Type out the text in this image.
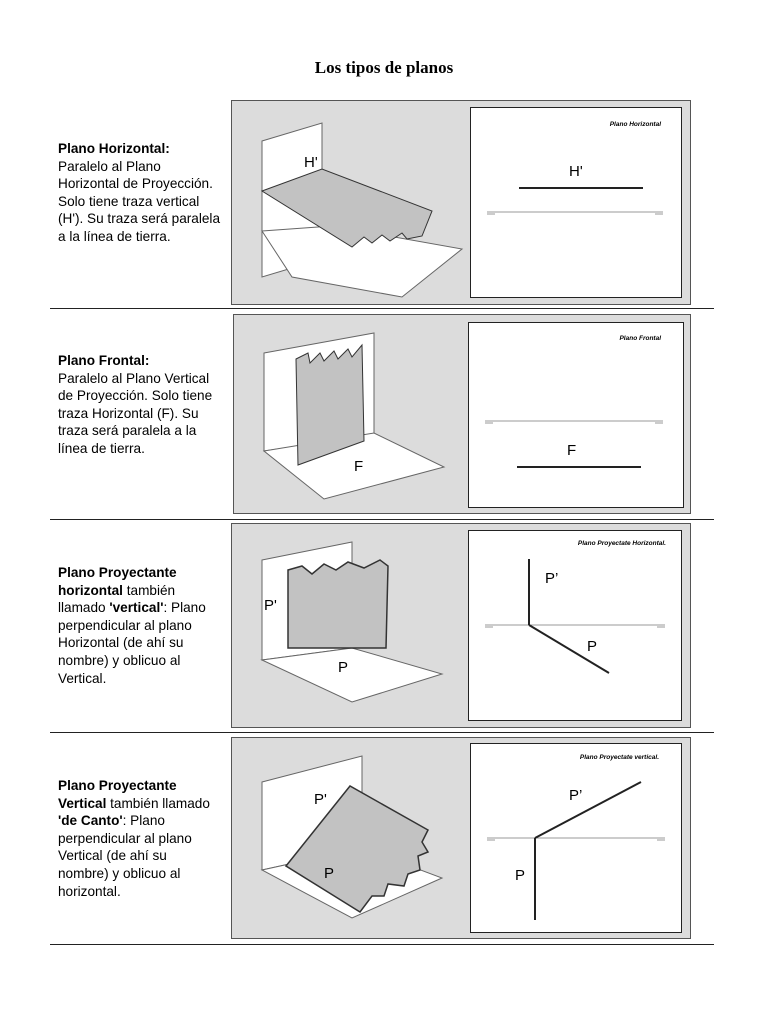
Los tipos de planos
Plano Horizontal:
Paralelo al Plano Horizontal de Proyección. Solo tiene traza vertical (H'). Su traza será paralela a la línea de tierra.
H'
Plano Horizontal
H'
Plano Frontal:
Paralelo al Plano Vertical de Proyección. Solo tiene traza Horizontal (F). Su traza será paralela a la línea de tierra.
F
Plano Frontal
F
Plano Proyectante horizontal también llamado 'vertical': Plano perpendicular al plano Horizontal (de ahí su nombre) y oblicuo al Vertical.
P'
P
Plano Proyectate Horizontal.
P’
P
Plano Proyectante Vertical también llamado 'de Canto': Plano perpendicular al plano Vertical (de ahí su nombre) y oblicuo al horizontal.
P'
P
Plano Proyectate vertical.
P’
P
